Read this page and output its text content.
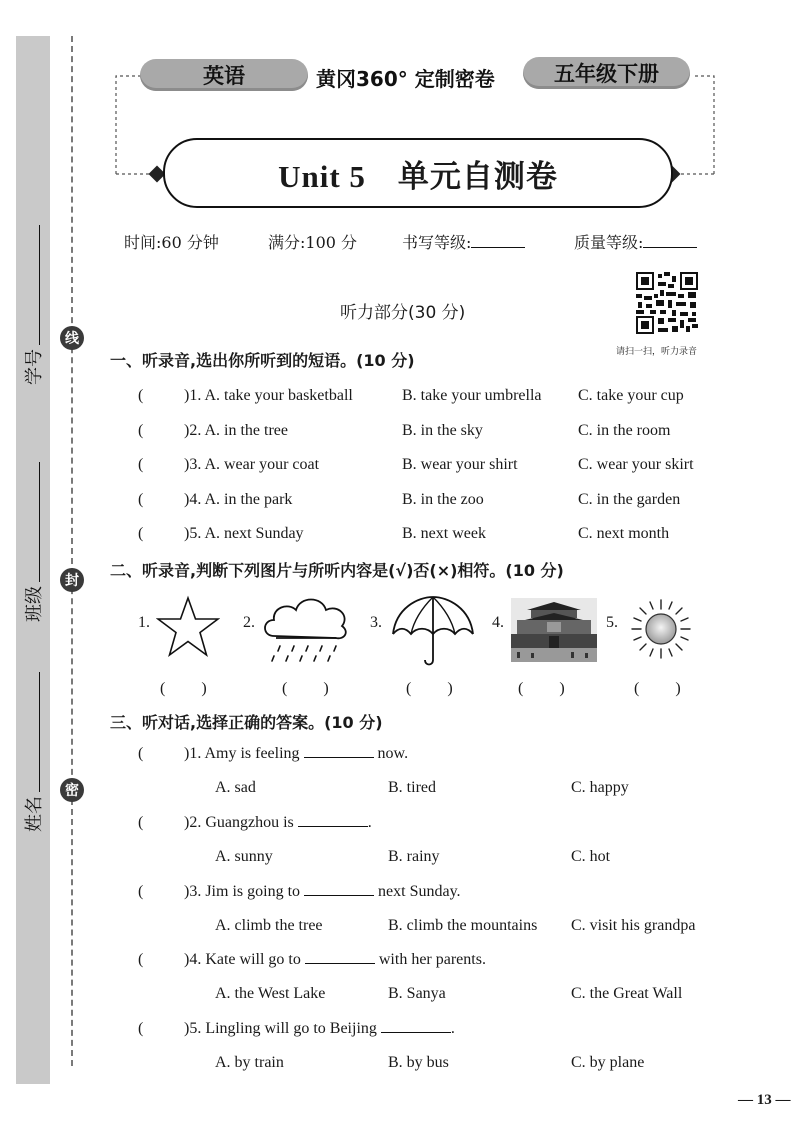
学号
班级
姓名
线
封
密
英语	黄冈360° 定制密卷	五年级下册
Unit 5　单元自测卷
时间:60 分钟	满分:100 分	书写等级:	质量等级:
听力部分(30 分)
请扫一扫，听力录音
一、听录音,选出你所听到的短语。(10 分)
(	)1. A. take your basketball	B. take your umbrella C. take your cup
(	)2. A. in the tree	B. in the sky	C. in the room
(	)3. A. wear your coat	B. wear your shirt	C. wear your skirt
(	)4. A. in the park	B. in the zoo	C. in the garden
(	)5. A. next Sunday	B. next week	C. next month
二、听录音,判断下列图片与所听内容是(√)否(×)相符。(10 分)
1.	2.	3.	4.	5.
(　　 )	(　　 )	(　　 )	(　　 )	(　　 )
三、听对话,选择正确的答案。(10 分)
(	)1. Amy is feeling	now.
A. sad	B. tired	C. happy
(	)2. Guangzhou is	.
A. sunny	B. rainy	C. hot
(	)3. Jim is going to	next Sunday.
A. climb the tree	B. climb the mountains C. visit his grandpa
(	)4. Kate will go to	with her parents.
A. the West Lake	B. Sanya	C. the Great Wall
(	)5. Lingling will go to Beijing	.
A. by train	B. by bus	C. by plane
— 13 —
